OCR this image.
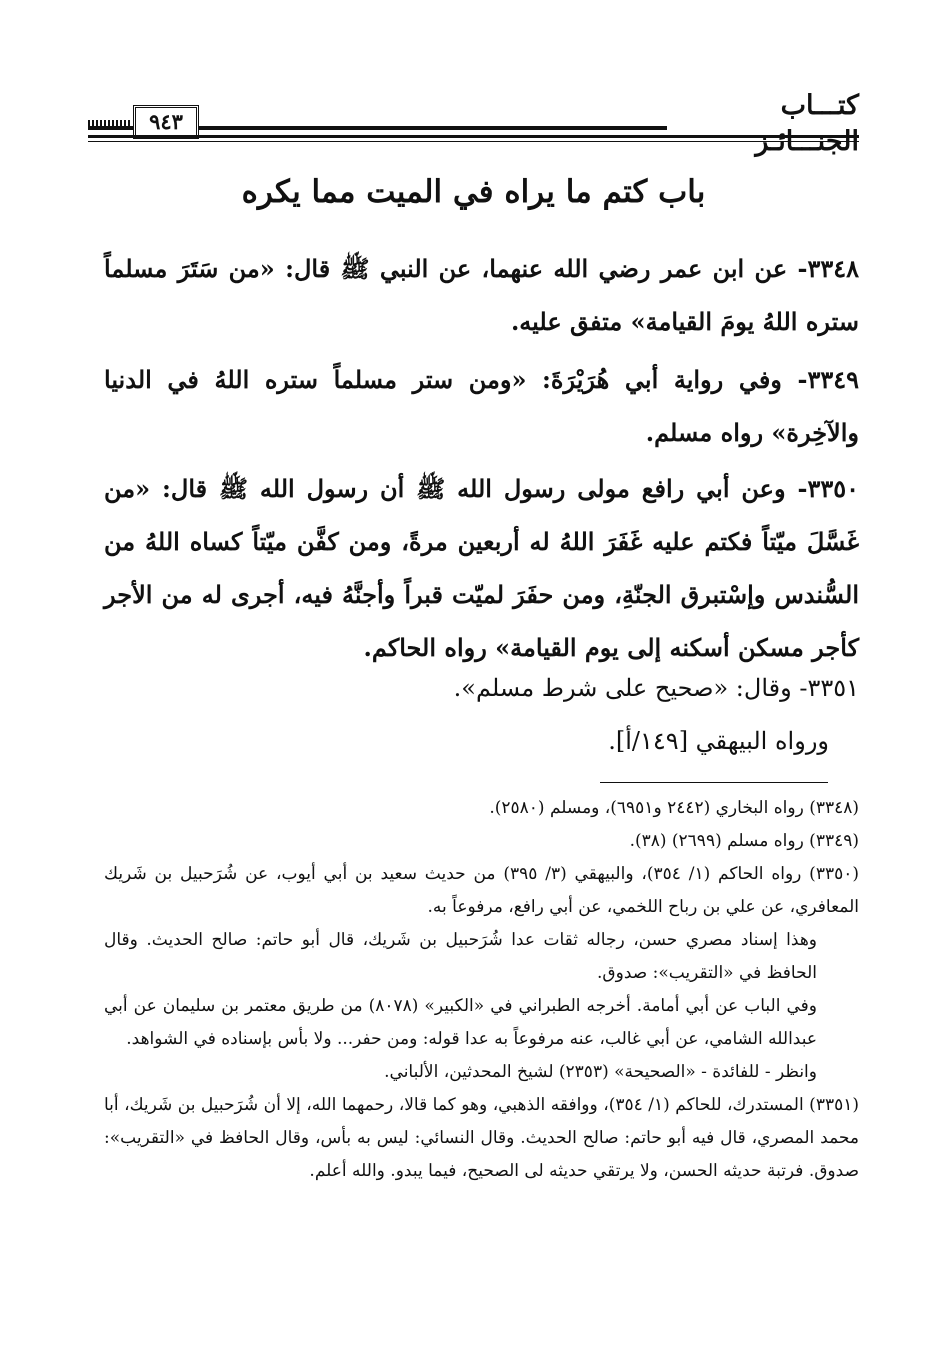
كتـــاب
٩٤٣
باب كتم ما يراه في الميت مما يكره

٣٣٤٨- عن ابن عمر رضي الله عنهما، عن النبي ﷺ قال: «من سَتَرَ مسلماً ستره اللهُ يومَ القيامة» متفق عليه.

٣٣٤٩- وفي رواية أبي هُرَيْرَةَ: «ومن ستر مسلماً ستره اللهُ في الدنيا والآخِرة» رواه مسلم.

٣٣٥٠- وعن أبي رافع مولى رسول الله ﷺ أن رسول الله ﷺ قال: «من غَسَّلَ ميّتاً فكتم عليه غَفَرَ اللهُ له أربعين مرةً، ومن كفَّن ميّتاً كساه اللهُ من السُّندس وإسْتبرق الجنّةِ، ومن حفَرَ لميّت قبراً وأجنَّهُ فيه، أجرى له من الأجر كأجر مسكن أسكنه إلى يوم القيامة» رواه الحاكم.

٣٣٥١- وقال: «صحيح على شرط مسلم».

ورواه البيهقي [١٤٩/أ].

(٣٣٤٨) رواه البخاري (٢٤٤٢ و٦٩٥١)، ومسلم (٢٥٨٠).

(٣٣٤٩) رواه مسلم (٢٦٩٩) (٣٨).

(٣٣٥٠) رواه الحاكم (١/ ٣٥٤)، والبيهقي (٣/ ٣٩٥) من حديث سعيد بن أبي أيوب، عن شُرَحبيل بن شَريك المعافري، عن علي بن رباح اللخمي، عن أبي رافع، مرفوعاً به.

وهذا إسناد مصري حسن، رجاله ثقات عدا شُرَحبيل بن شَريك، قال أبو حاتم: صالح الحديث. وقال الحافظ في «التقريب»: صدوق.

وفي الباب عن أبي أمامة. أخرجه الطبراني في «الكبير» (٨٠٧٨) من طريق معتمر بن سليمان عن أبي عبدالله الشامي، عن أبي غالب، عنه مرفوعاً به عدا قوله: ومن حفر... ولا بأس بإسناده في الشواهد.

وانظر - للفائدة - «الصحيحة» (٢٣٥٣) لشيخ المحدثين، الألباني.

(٣٣٥١) المستدرك، للحاكم (١/ ٣٥٤)، ووافقه الذهبي، وهو كما قالا، رحمهما الله، إلا أن شُرَحبيل بن شَريك، أبا محمد المصري، قال فيه أبو حاتم: صالح الحديث. وقال النسائي: ليس به بأس، وقال الحافظ في «التقريب»: صدوق. فرتبة حديثه الحسن، ولا يرتقي حديثه لى الصحيح، فيما يبدو. والله أعلم.
